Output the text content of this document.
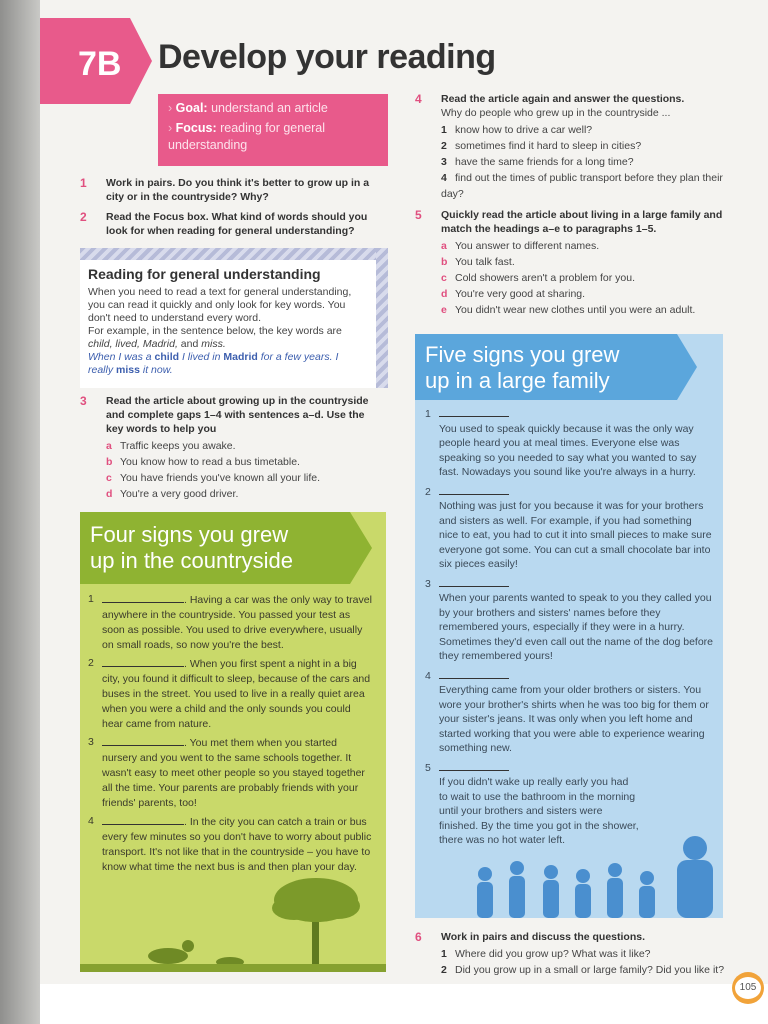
7B Develop your reading
› Goal: understand an article
› Focus: reading for general understanding
1 Work in pairs. Do you think it's better to grow up in a city or in the countryside? Why?
2 Read the Focus box. What kind of words should you look for when reading for general understanding?
Reading for general understanding

When you need to read a text for general understanding, you can read it quickly and only look for key words. You don't need to understand every word.

For example, in the sentence below, the key words are child, lived, Madrid, and miss.

When I was a child I lived in Madrid for a few years. I really miss it now.

3 Read the article about growing up in the countryside and complete gaps 1–4 with sentences a–d. Use the key words to help you
a Traffic keeps you awake.
b You know how to read a bus timetable.
c You have friends you've known all your life.
d You're a very good driver.
Four signs you grew
up in the countryside
1	. Having a car was the only way to travel anywhere in the countryside. You passed your test as soon as possible. You used to drive everywhere, usually on small roads, so now you're the best.
2	. When you first spent a night in a big city, you found it difficult to sleep, because of the cars and buses in the street. You used to live in a really quiet area when you were a child and the only sounds you could hear came from nature.
3	. You met them when you started nursery and you went to the same schools together. It wasn't easy to meet other people so you stayed together all the time. Your parents are probably friends with your friends' parents, too!
4	. In the city you can catch a train or bus every few minutes so you don't have to worry about public transport. It's not like that in the countryside – you have to know what time the next bus is and then plan your day.
4 Read the article again and answer the questions.
Why do people who grew up in the countryside ...
1 know how to drive a car well?
2 sometimes find it hard to sleep in cities?
3 have the same friends for a long time?
4 find out the times of public transport before they plan their day?
5 Quickly read the article about living in a large family and match the headings a–e to paragraphs 1–5.
a You answer to different names.
b You talk fast.
c Cold showers aren't a problem for you.
d You're very good at sharing.
e You didn't wear new clothes until you were an adult.
Five signs you grew
up in a large family
1
You used to speak quickly because it was the only way people heard you at meal times. Everyone else was speaking so you needed to say what you wanted to say fast. Nowadays you sound like you're always in a hurry.
2
Nothing was just for you because it was for your brothers and sisters as well. For example, if you had something nice to eat, you had to cut it into small pieces to make sure everyone got some. You can cut a small chocolate bar into six pieces easily!
3
When your parents wanted to speak to you they called you by your brothers and sisters' names before they remembered yours, especially if they were in a hurry. Sometimes they'd even call out the name of the dog before they remembered yours!
4
Everything came from your older brothers or sisters. You wore your brother's shirts when he was too big for them or your sister's jeans. It was only when you left home and started working that you were able to experience wearing something new.
5
If you didn't wake up really early you had to wait to use the bathroom in the morning until your brothers and sisters were finished. By the time you got in the shower, there was no hot water left.
6 Work in pairs and discuss the questions.
1 Where did you grow up? What was it like?
2 Did you grow up in a small or large family? Did you like it?
105
